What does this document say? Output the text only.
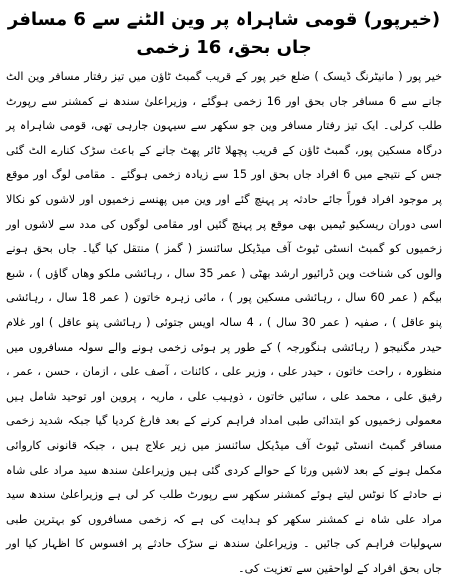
(خیرپور) قومی شاہراہ پر وین الٹنے سے 6 مسافر جاں بحق، 16 زخمی

خیر پور ( مانیٹرنگ ڈیسک ) ضلع خیر پور کے قریب گمبٹ ٹاؤن میں تیز رفتار مسافر وین الٹ جانے سے 6 مسافر جاں بحق اور 16 زخمی ہوگئے ، وزیراعلیٰ سندھ نے کمشنر سے رپورٹ طلب کرلی۔ ایک تیز رفتار مسافر وین جو سکھر سے سیہون جارہی تھی، قومی شاہراہ پر درگاہ مسکین پور، گمبٹ ٹاؤن کے قریب پچھلا ٹائر پھٹ جانے کے باعث سڑک کنارے الٹ گئی جس کے نتیجے میں 6 افراد جاں بحق اور 15 سے زیادہ زخمی ہوگئے ۔ مقامی لوگ اور موقع پر موجود افراد فوراً جائے حادثہ پر پہنچ گئے اور وین میں پھنسے زخمیوں اور لاشوں کو نکالا اسی دوران ریسکیو ٹیمیں بھی موقع پر پہنچ گئیں اور مقامی لوگوں کی مدد سے لاشوں اور زخمیوں کو گمبٹ انسٹی ٹیوٹ آف میڈیکل سائنسز ( گمز ) منتقل کیا گیا۔ جاں بحق ہونے والوں کی شناخت وین ڈرائیور ارشد بھٹی ( عمر 35 سال ، رہائشی ملکو وھاں گاؤں ) ، شبع بیگم ( عمر 60 سال ، رہائشی مسکین پور ) ، مائی زہرہ خاتون ( عمر 18 سال ، رہائشی پنو عاقل ) ، صفیہ ( عمر 30 سال ) ، 4 سالہ اویس جتوئی ( رہائشی پنو عاقل ) اور غلام حیدر مگنیجو ( رہائشی ہنگورجہ ) کے طور پر ہوئی زخمی ہونے والے سولہ مسافروں میں منظورہ ، راحت خاتون ، حیدر علی ، وزیر علی ، کائنات ، آصف علی ، ازمان ، حسن ، عمر ، رفیق علی ، محمد علی ، سائیں خاتون ، ذوہیب علی ، ماریہ ، پروین اور توحید شامل ہیں معمولی زخمیوں کو ابتدائی طبی امداد فراہم کرنے کے بعد فارغ کردیا گیا جبکہ شدید زخمی مسافر گمبٹ انسٹی ٹیوٹ آف میڈیکل سائنسز میں زیر علاج ہیں ، جبکہ قانونی کاروائی مکمل ہونے کے بعد لاشیں ورثا کے حوالے کردی گئی ہیں وزیراعلیٰ سندھ سید مراد علی شاہ نے حادثے کا نوٹس لیتے ہوئے کمشنر سکھر سے رپورٹ طلب کر لی ہے وزیراعلیٰ سندھ سید مراد علی شاہ نے کمشنر سکھر کو ہدایت کی ہے کہ زخمی مسافروں کو بہترین طبی سہولیات فراہم کی جائیں ۔ وزیراعلیٰ سندھ نے سڑک حادثے پر افسوس کا اظہار کیا اور جاں بحق افراد کے لواحقین سے تعزیت کی۔
